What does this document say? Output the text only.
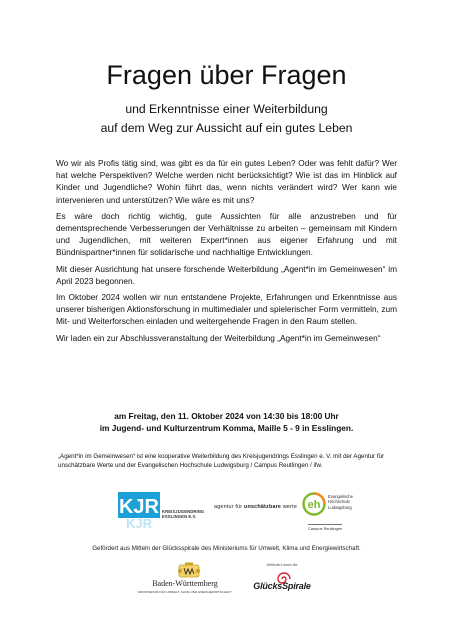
Fragen über Fragen
und Erkenntnisse einer Weiterbildung
auf dem Weg zur Aussicht auf ein gutes Leben

Wo wir als Profis tätig sind, was gibt es da für ein gutes Leben? Oder was fehlt dafür? Wer hat welche Perspektiven? Welche werden nicht berücksichtigt? Wie ist das im Hinblick auf Kinder und Jugendliche? Wohin führt das, wenn nichts verändert wird? Wer kann wie intervenieren und unterstützen? Wie wäre es mit uns?

Es wäre doch richtig wichtig, gute Aussichten für alle anzustreben und für dementsprechende Verbesserungen der Verhältnisse zu arbeiten – gemeinsam mit Kindern und Jugendlichen, mit weiteren Expert*innen aus eigener Erfahrung und mit Bündnispartner*innen für solidarische und nachhaltige Entwicklungen.

Mit dieser Ausrichtung hat unsere forschende Weiterbildung „Agent*in im Gemeinwesen“ im April 2023 begonnen.

Im Oktober 2024 wollen wir nun entstandene Projekte, Erfahrungen und Erkenntnisse aus unserer bisherigen Aktionsforschung in multimedialer und spielerischer Form vermitteln, zum Mit- und Weiterforschen einladen und weitergehende Fragen in den Raum stellen.

Wir laden ein zur Abschlussveranstaltung der Weiterbildung „Agent*in im Gemeinwesen“

am Freitag, den 11. Oktober 2024 von 14:30 bis 18:00 Uhr
im Jugend- und Kulturzentrum Komma, Maille 5 - 9 in Esslingen.
„Agent*in im Gemeinwesen“ ist eine kooperative Weiterbildung des Kreisjugendrings Esslingen e. V. mit der Agentur für unschätzbare Werte und der Evangelischen Hochschule Ludwigsburg / Campus Reutlingen / ifw.
KJR
KJR
KREISJUGENDRING
ESSLINGEN E.V.
agentur für unschätzbare werte eh
Evangelische
Hochschule
Ludwigsburg
Campus Reutlingen
Gefördert aus Mitteln der Glücksspirale des Ministeriums für Umwelt, Klima und Energiewirtschaft.
Baden-Württemberg
MINISTERIUM FÜR UMWELT, KLIMA UND ENERGIEWIRTSCHAFT
Gefördert durch die
GlücksSpirale
